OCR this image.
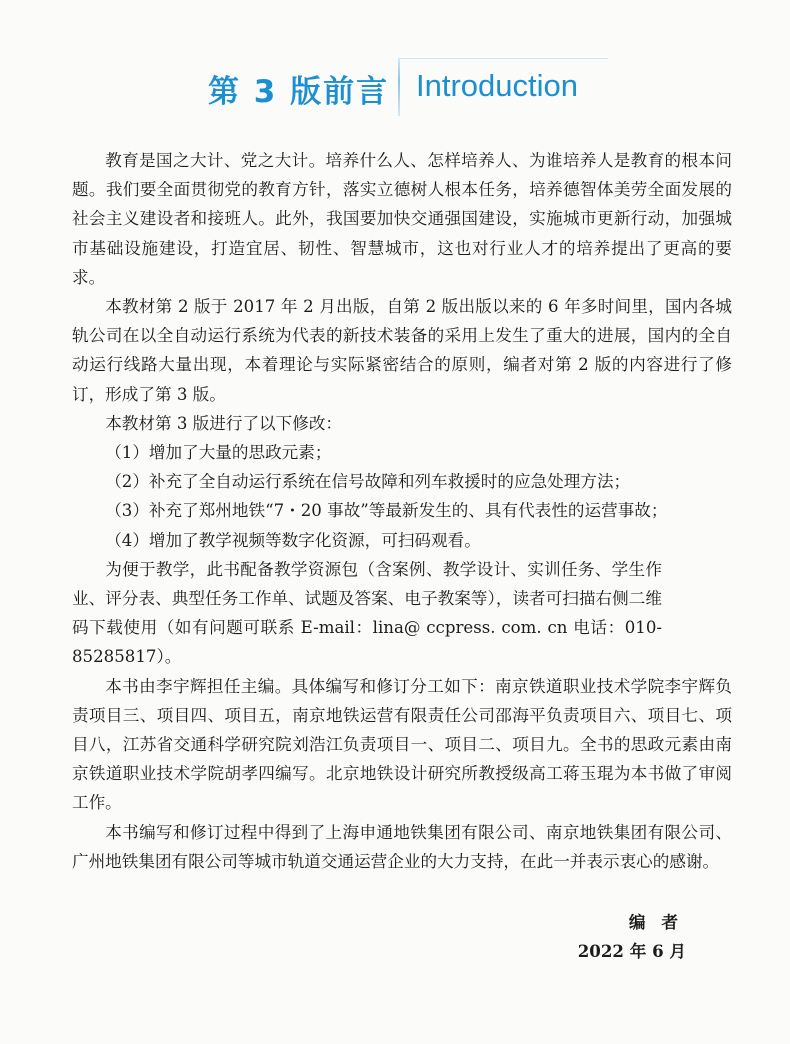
第 3 版前言 Introduction

教育是国之大计、党之大计。培养什么人、怎样培养人、为谁培养人是教育的根本问题。我们要全面贯彻党的教育方针，落实立德树人根本任务，培养德智体美劳全面发展的社会主义建设者和接班人。此外，我国要加快交通强国建设，实施城市更新行动，加强城市基础设施建设，打造宜居、韧性、智慧城市，这也对行业人才的培养提出了更高的要求。

本教材第 2 版于 2017 年 2 月出版，自第 2 版出版以来的 6 年多时间里，国内各城轨公司在以全自动运行系统为代表的新技术装备的采用上发生了重大的进展，国内的全自动运行线路大量出现，本着理论与实际紧密结合的原则，编者对第 2 版的内容进行了修订，形成了第 3 版。

本教材第 3 版进行了以下修改：

（1）增加了大量的思政元素；

（2）补充了全自动运行系统在信号故障和列车救援时的应急处理方法；

（3）补充了郑州地铁“7・20 事故”等最新发生的、具有代表性的运营事故；

（4）增加了教学视频等数字化资源，可扫码观看。

为便于教学，此书配备教学资源包（含案例、教学设计、实训任务、学生作业、评分表、典型任务工作单、试题及答案、电子教案等），读者可扫描右侧二维码下载使用（如有问题可联系 E-mail：lina@ ccpress. com. cn 电话：010-85285817）。

本书由李宇辉担任主编。具体编写和修订分工如下：南京铁道职业技术学院李宇辉负责项目三、项目四、项目五，南京地铁运营有限责任公司邵海平负责项目六、项目七、项目八，江苏省交通科学研究院刘浩江负责项目一、项目二、项目九。全书的思政元素由南京铁道职业技术学院胡孝四编写。北京地铁设计研究所教授级高工蒋玉琨为本书做了审阅工作。

本书编写和修订过程中得到了上海申通地铁集团有限公司、南京地铁集团有限公司、广州地铁集团有限公司等城市轨道交通运营企业的大力支持，在此一并表示衷心的感谢。

编者
2022 年 6 月
